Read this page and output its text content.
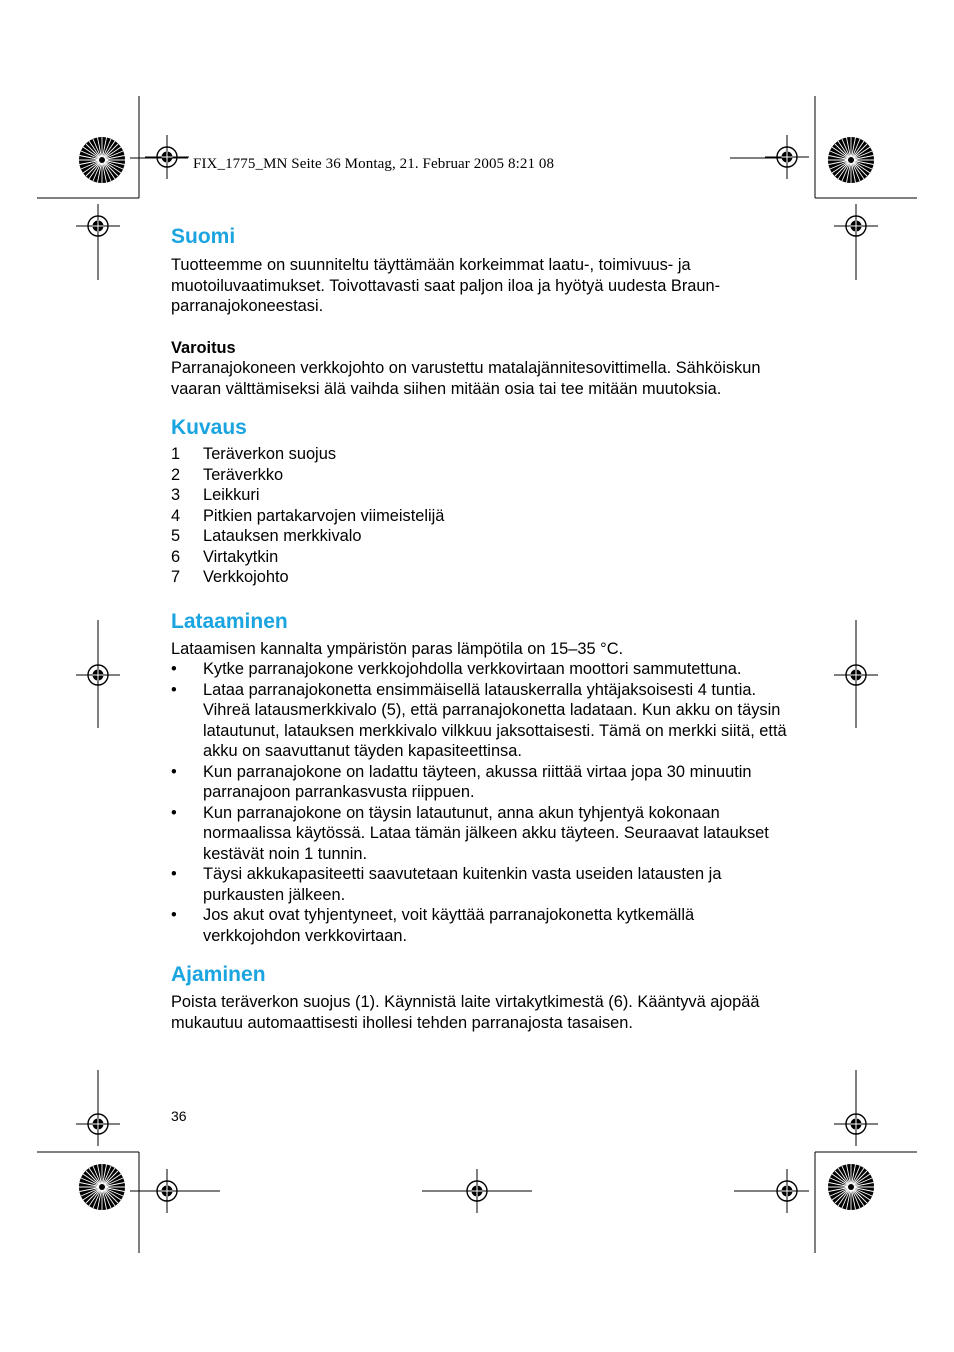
FIX_1775_MN Seite 36 Montag, 21. Februar 2005 8:21 08
Suomi

Tuotteemme on suunniteltu täyttämään korkeimmat laatu-, toimivuus- ja muotoiluvaatimukset. Toivottavasti saat paljon iloa ja hyötyä uudesta Braun-parranajokoneestasi.

Varoitus

Parranajokoneen verkkojohto on varustettu matalajännitesovittimella. Sähköiskun vaaran välttämiseksi älä vaihda siihen mitään osia tai tee mitään muutoksia.

Kuvaus
1	Teräverkon suojus
2	Teräverkko
3	Leikkuri
4	Pitkien partakarvojen viimeistelijä
5	Latauksen merkkivalo
6	Virtakytkin
7	Verkkojohto
Lataaminen

Lataamisen kannalta ympäristön paras lämpötila on 15–35 °C.

•	Kytke parranajokone verkkojohdolla verkkovirtaan moottori sammutettuna.
•	Lataa parranajokonetta ensimmäisellä latauskerralla yhtäjaksoisesti 4 tuntia. Vihreä latausmerkkivalo (5), että parranajokonetta ladataan. Kun akku on täysin latautunut, latauksen merkkivalo vilkkuu jaksottaisesti. Tämä on merkki siitä, että akku on saavuttanut täyden kapasiteettinsa.
•	Kun parranajokone on ladattu täyteen, akussa riittää virtaa jopa 30 minuutin parranajoon parrankasvusta riippuen.
•	Kun parranajokone on täysin latautunut, anna akun tyhjentyä kokonaan normaalissa käytössä. Lataa tämän jälkeen akku täyteen. Seuraavat lataukset kestävät noin 1 tunnin.
•	Täysi akkukapasiteetti saavutetaan kuitenkin vasta useiden latausten ja purkausten jälkeen.
•	Jos akut ovat tyhjentyneet, voit käyttää parranajokonetta kytkemällä verkkojohdon verkkovirtaan.
Ajaminen

Poista teräverkon suojus (1). Käynnistä laite virtakytkimestä (6). Kääntyvä ajopää mukautuu automaattisesti ihollesi tehden parranajosta tasaisen.

36
